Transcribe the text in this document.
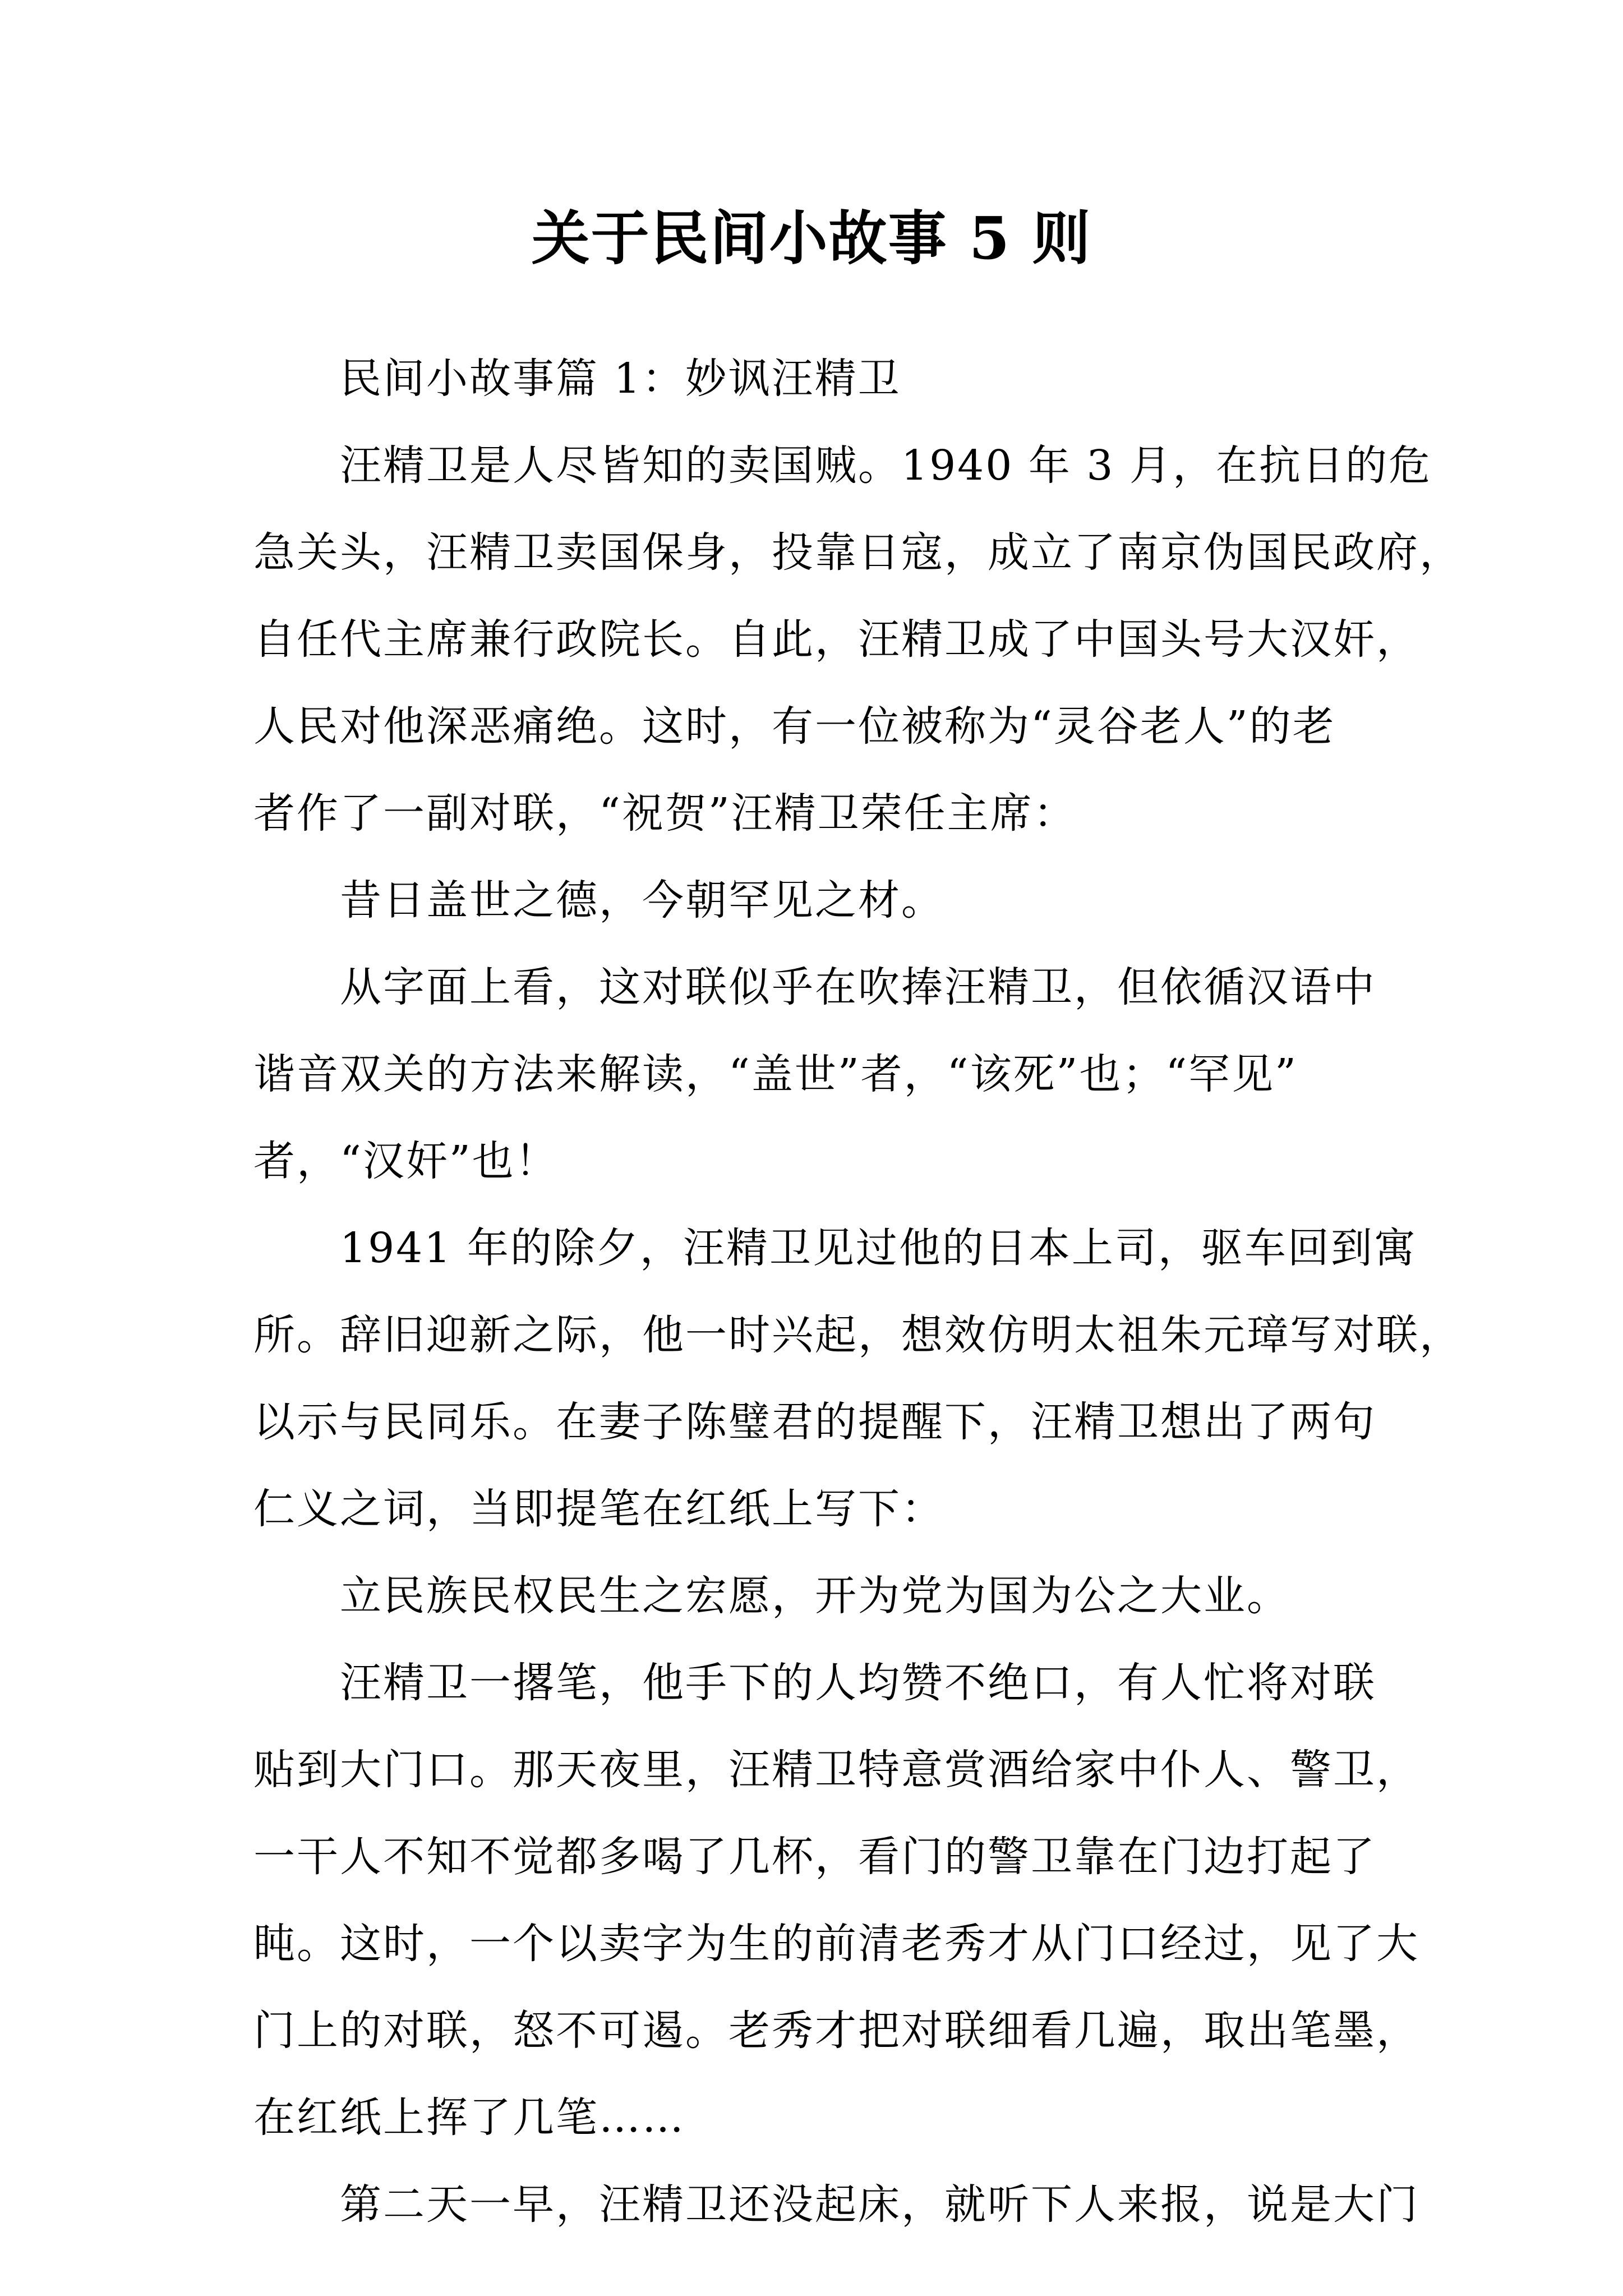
关于民间小故事 5 则
民间小故事篇 1：妙讽汪精卫
汪精卫是人尽皆知的卖国贼。1940 年 3 月，在抗日的危
急关头，汪精卫卖国保身，投靠日寇，成立了南京伪国民政府，
自任代主席兼行政院长。自此，汪精卫成了中国头号大汉奸，
人民对他深恶痛绝。这时，有一位被称为“灵谷老人”的老
者作了一副对联，“祝贺”汪精卫荣任主席：
昔日盖世之德，今朝罕见之材。
从字面上看，这对联似乎在吹捧汪精卫，但依循汉语中
谐音双关的方法来解读，“盖世”者，“该死”也；“罕见”
者，“汉奸”也！
1941 年的除夕，汪精卫见过他的日本上司，驱车回到寓
所。辞旧迎新之际，他一时兴起，想效仿明太祖朱元璋写对联，
以示与民同乐。在妻子陈璧君的提醒下，汪精卫想出了两句
仁义之词，当即提笔在红纸上写下：
立民族民权民生之宏愿，开为党为国为公之大业。
汪精卫一撂笔，他手下的人均赞不绝口，有人忙将对联
贴到大门口。那天夜里，汪精卫特意赏酒给家中仆人、警卫，
一干人不知不觉都多喝了几杯，看门的警卫靠在门边打起了
盹。这时，一个以卖字为生的前清老秀才从门口经过，见了大
门上的对联，怒不可遏。老秀才把对联细看几遍，取出笔墨，
在红纸上挥了几笔……
第二天一早，汪精卫还没起床，就听下人来报，说是大门
